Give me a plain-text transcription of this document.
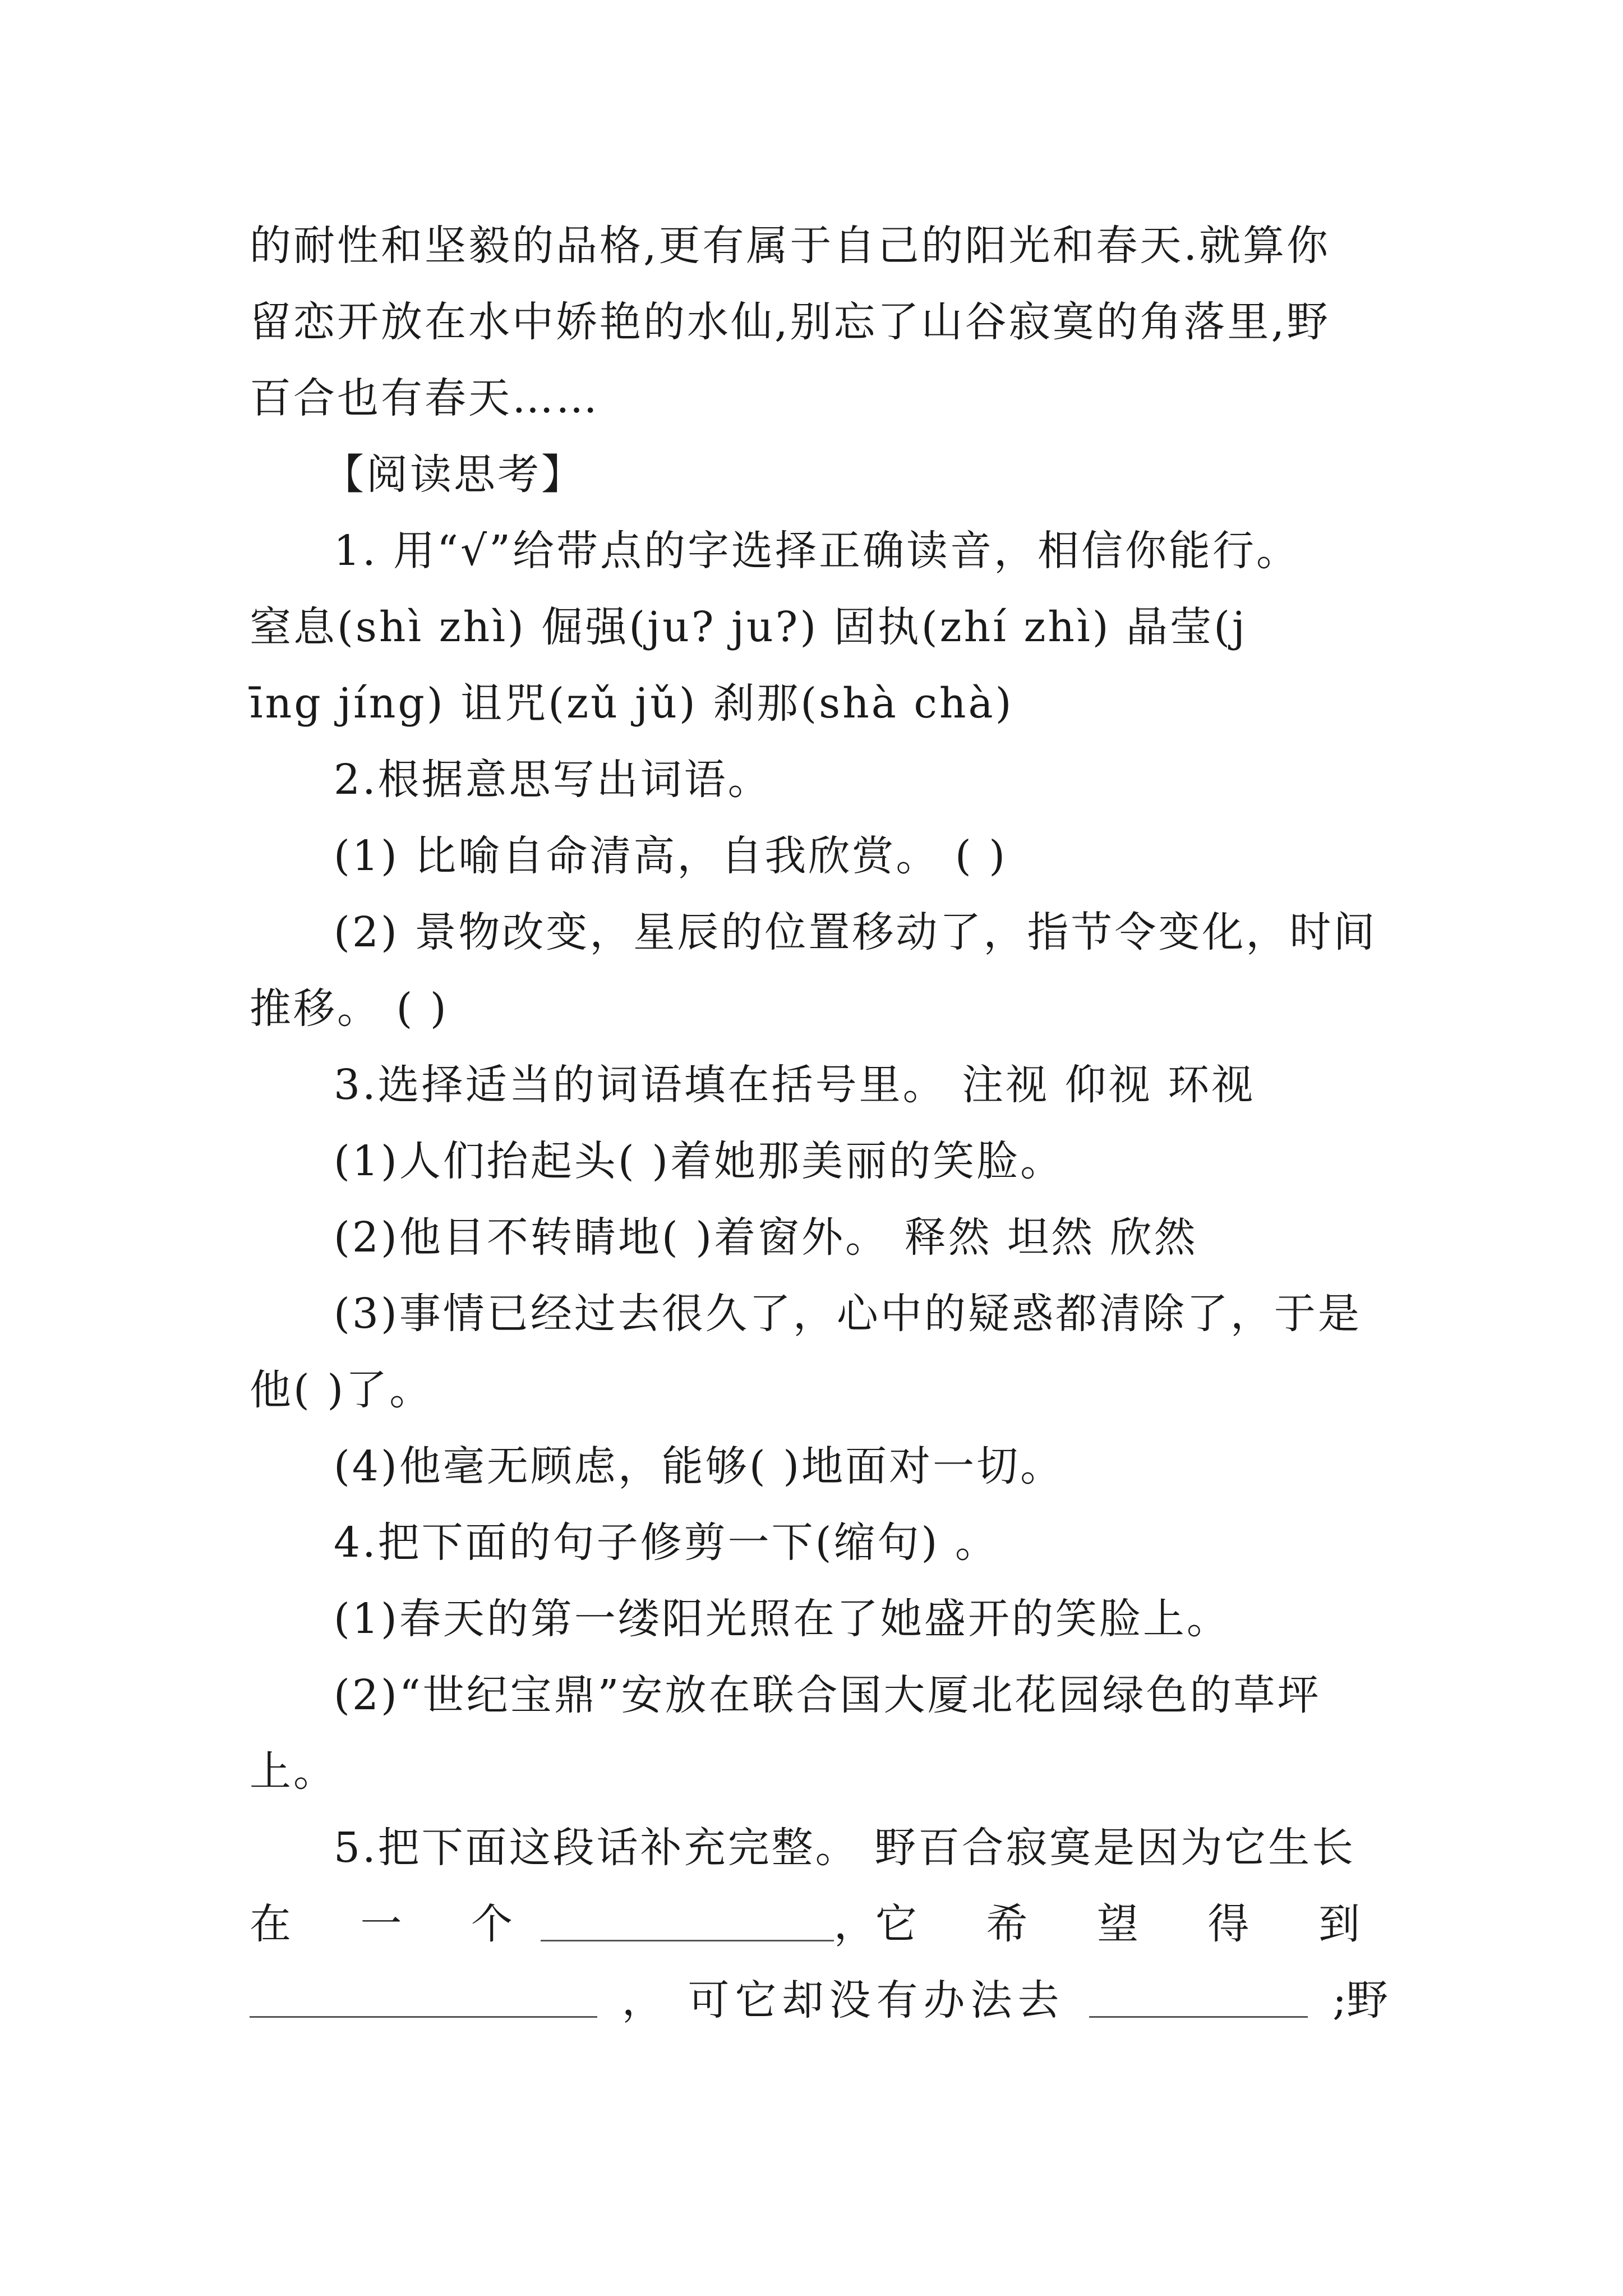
的耐性和坚毅的品格,更有属于自己的阳光和春天.就算你
留恋开放在水中娇艳的水仙,别忘了山谷寂寞的角落里,野
百合也有春天……
【阅读思考】
1. 用“√”给带点的字选择正确读音，相信你能行。
窒息(shì zhì) 倔强(ju? ju?) 固执(zhí zhì) 晶莹(j
īng jíng) 诅咒(zǔ jǔ) 刹那(shà chà)
2.根据意思写出词语。
(1) 比喻自命清高，自我欣赏。 ( )
(2) 景物改变，星辰的位置移动了，指节令变化，时间
推移。 ( )
3.选择适当的词语填在括号里。 注视 仰视 环视
(1)人们抬起头( )着她那美丽的笑脸。
(2)他目不转睛地( )着窗外。 释然 坦然 欣然
(3)事情已经过去很久了，心中的疑惑都清除了，于是
他( )了。
(4)他毫无顾虑，能够( )地面对一切。
4.把下面的句子修剪一下(缩句) 。
(1)春天的第一缕阳光照在了她盛开的笑脸上。
(2)“世纪宝鼎”安放在联合国大厦北花园绿色的草坪
上。
5.把下面这段话补充完整。 野百合寂寞是因为它生长
在 一 个	， 它 希 望 得 到
， 可它却没有办法去	;野
